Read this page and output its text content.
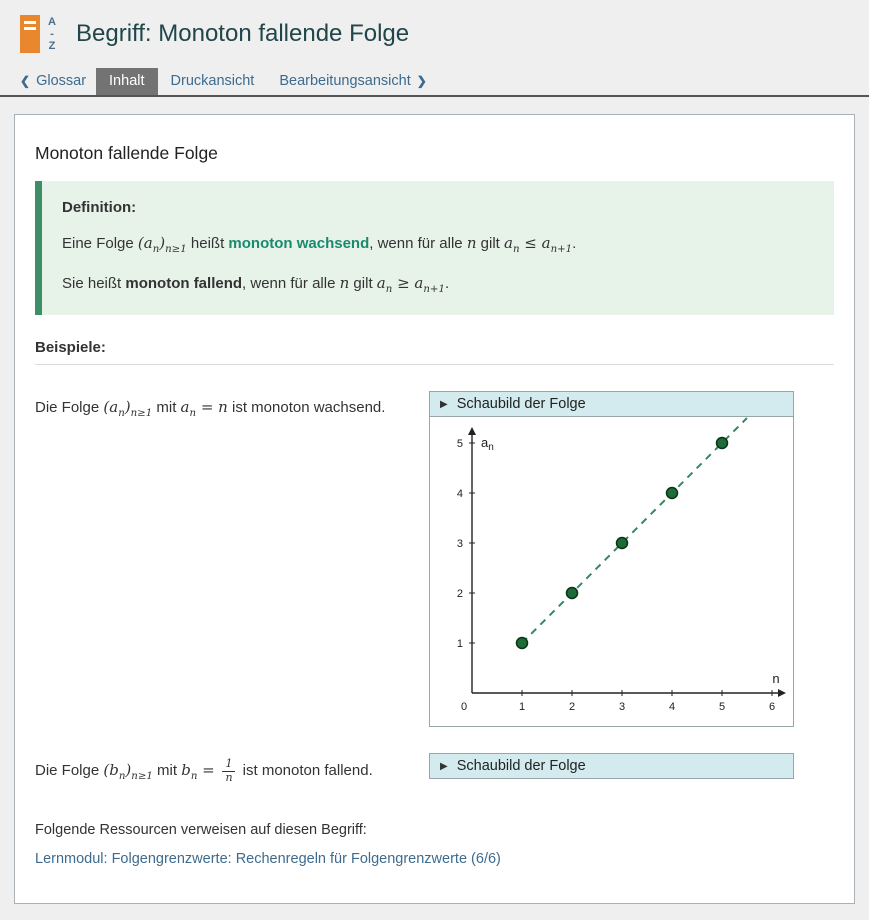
A
-
Z Begriff: Monoton fallende Folge
❮ Glossar	Inhalt	Druckansicht	Bearbeitungsansicht ❯
Monoton fallende Folge

Definition:

Eine Folge $(a_n)_{n\ge 1}$ heißt monoton wachsend, wenn für alle n gilt $a_n \le a_{n+1}$.

Sie heißt monoton fallend, wenn für alle n gilt $a_n \ge a_{n+1}$.

Beispiele:

Die Folge $(a_n)_{n\ge 1}$ mit $a_n = n$ ist monoton wachsend.	▶ Schaubild der Folge
0	1	2	3	4	5	6
1
2
3
4
5
n
$a_n$

Die Folge $(b_n)_{n\ge 1}$ mit $b_n = \frac{1}{n}$ ist monoton fallend.	▶ Schaubild der Folge

Folgende Ressourcen verweisen auf diesen Begriff:

Lernmodul: Folgengrenzwerte: Rechenregeln für Folgengrenzwerte (6/6)
